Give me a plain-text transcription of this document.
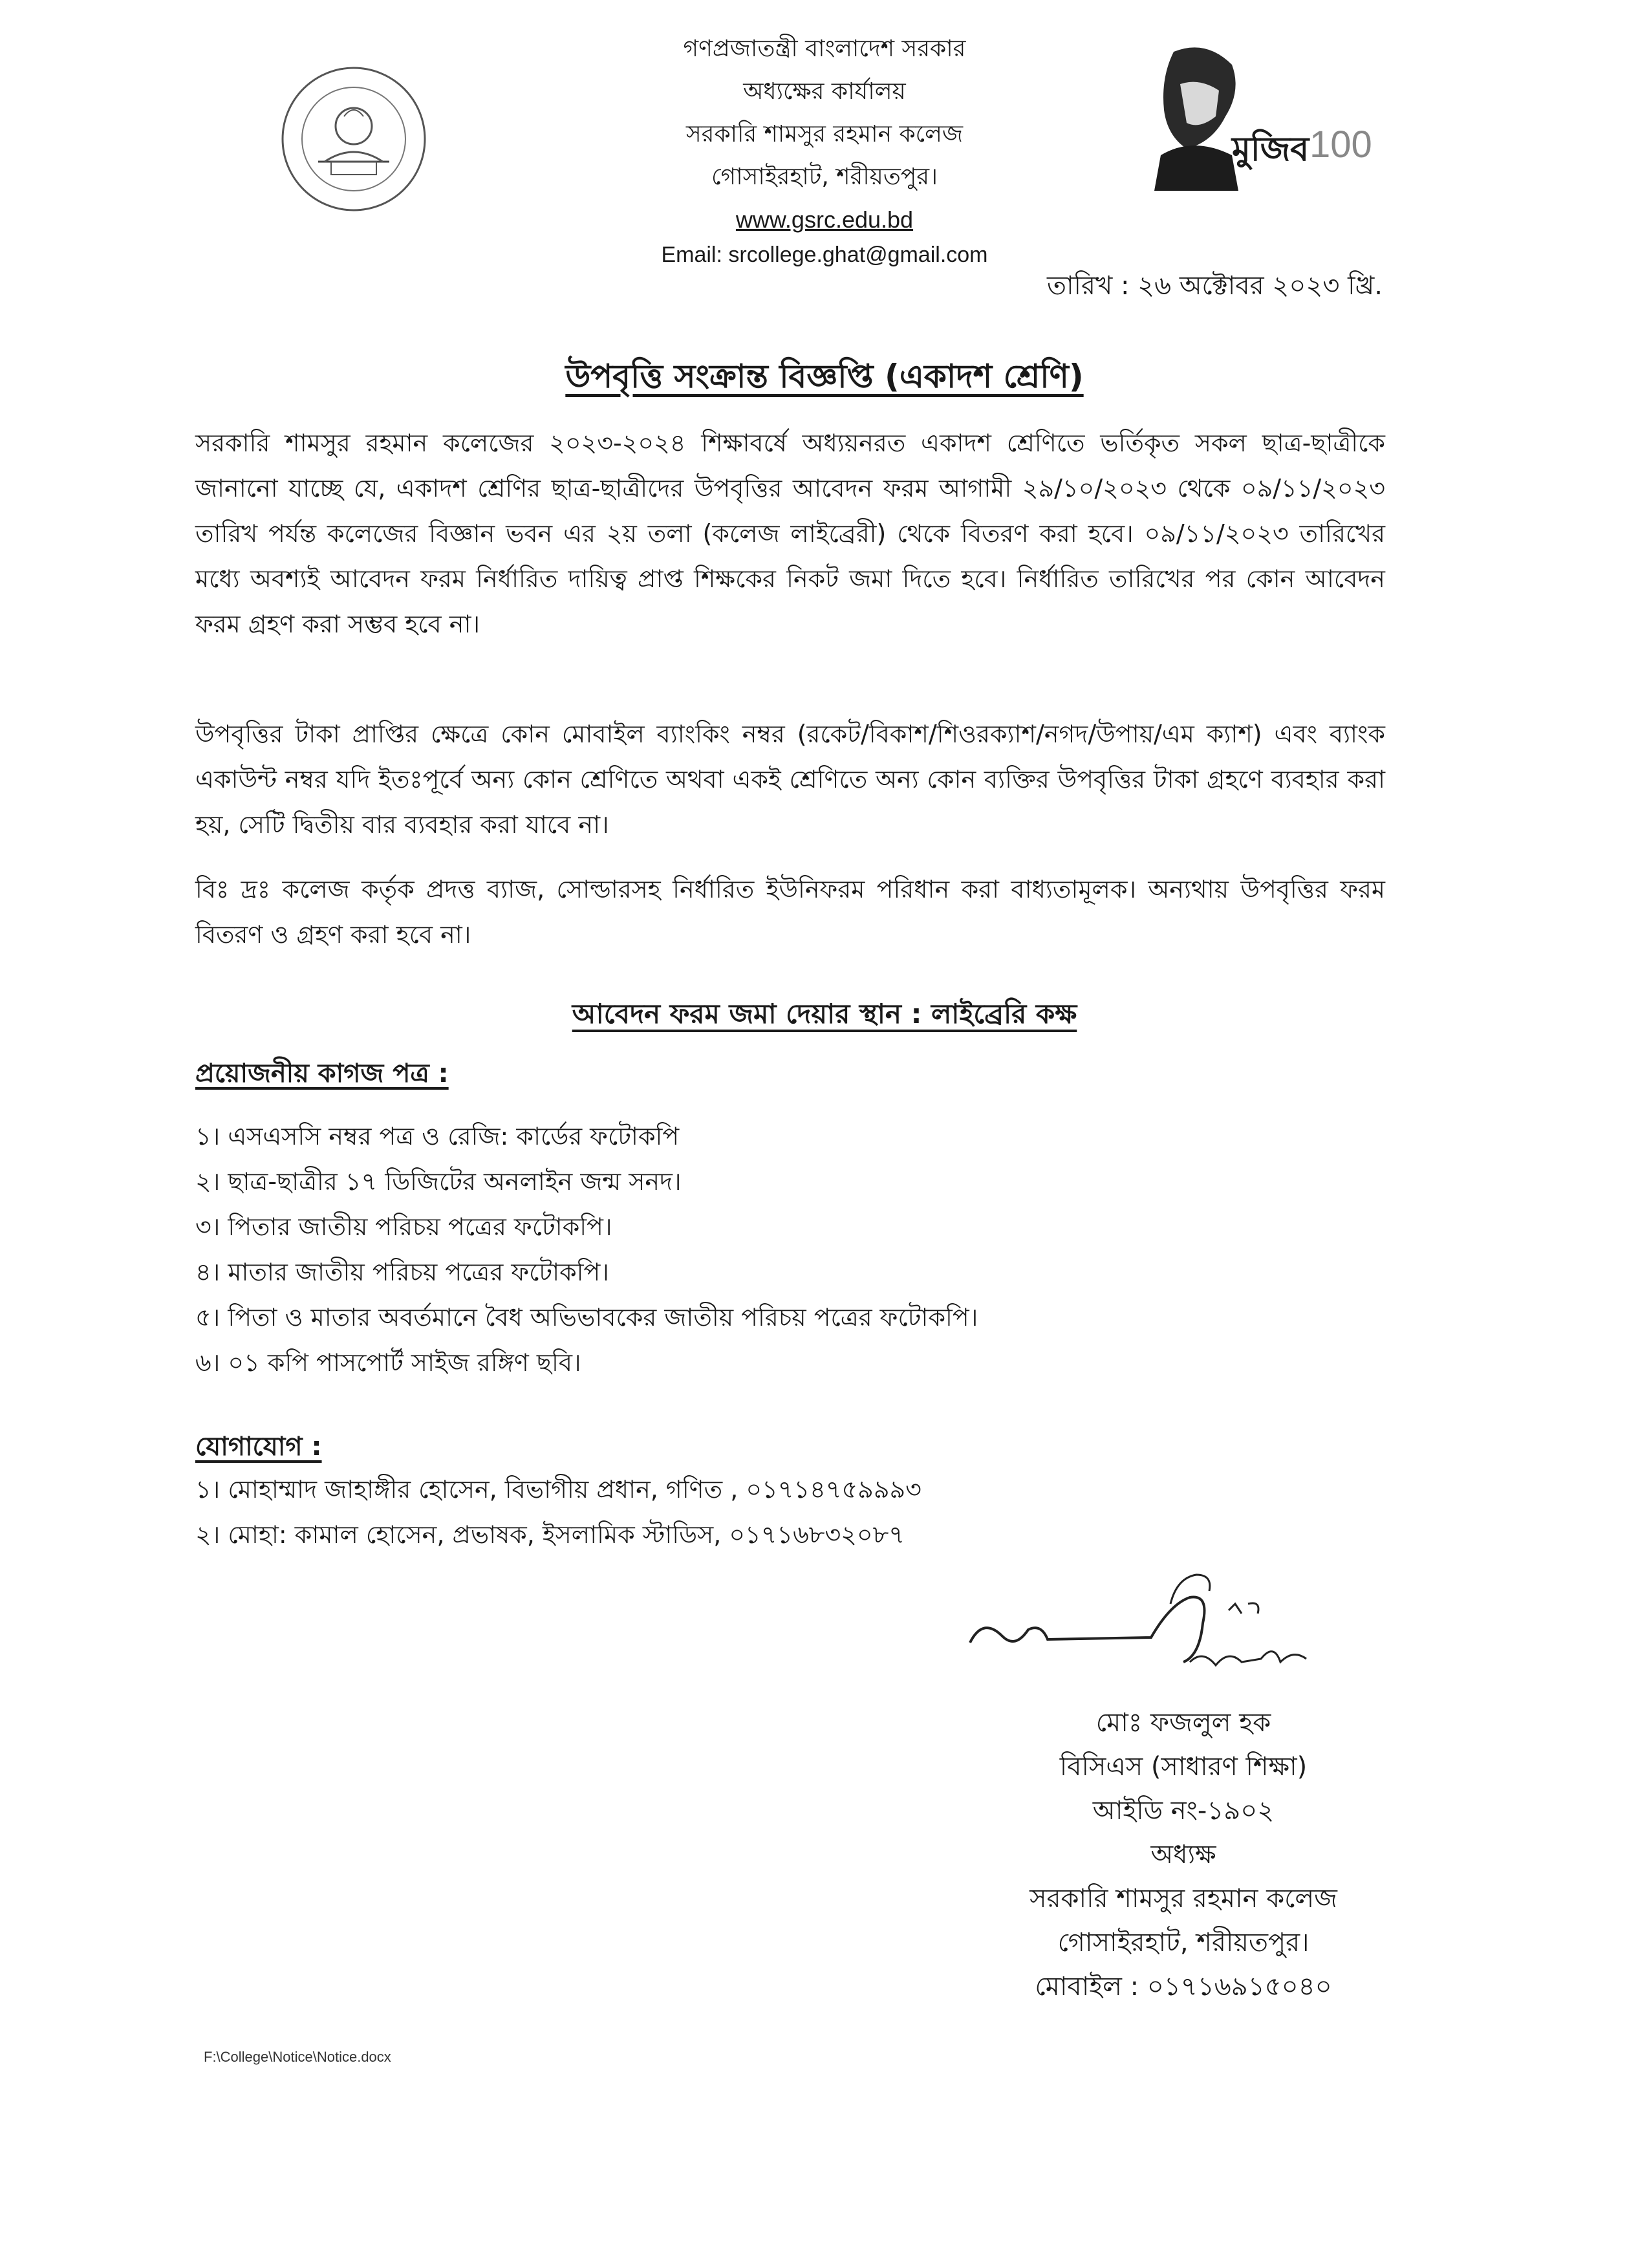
গণপ্রজাতন্ত্রী বাংলাদেশ সরকার
অধ্যক্ষের কার্যালয়
সরকারি শামসুর রহমান কলেজ
গোসাইরহাট, শরীয়তপুর।
www.gsrc.edu.bd
Email: srcollege.ghat@gmail.com
মুজিব 100
তারিখ : ২৬ অক্টোবর ২০২৩ খ্রি.
উপবৃত্তি সংক্রান্ত বিজ্ঞপ্তি (একাদশ শ্রেণি)
সরকারি শামসুর রহমান কলেজের ২০২৩-২০২৪ শিক্ষাবর্ষে অধ্যয়নরত একাদশ শ্রেণিতে ভর্তিকৃত সকল ছাত্র-ছাত্রীকে জানানো যাচ্ছে যে, একাদশ শ্রেণির ছাত্র-ছাত্রীদের উপবৃত্তির আবেদন ফরম আগামী ২৯/১০/২০২৩ থেকে ০৯/১১/২০২৩ তারিখ পর্যন্ত কলেজের বিজ্ঞান ভবন এর ২য় তলা (কলেজ লাইব্রেরী) থেকে বিতরণ করা হবে। ০৯/১১/২০২৩ তারিখের মধ্যে অবশ্যই আবেদন ফরম নির্ধারিত দায়িত্ব প্রাপ্ত শিক্ষকের নিকট জমা দিতে হবে। নির্ধারিত তারিখের পর কোন আবেদন ফরম গ্রহণ করা সম্ভব হবে না।
উপবৃত্তির টাকা প্রাপ্তির ক্ষেত্রে কোন মোবাইল ব্যাংকিং নম্বর (রকেট/বিকাশ/শিওরক্যাশ/নগদ/উপায়/এম ক্যাশ) এবং ব্যাংক একাউন্ট নম্বর যদি ইতঃপূর্বে অন্য কোন শ্রেণিতে অথবা একই শ্রেণিতে অন্য কোন ব্যক্তির উপবৃত্তির টাকা গ্রহণে ব্যবহার করা হয়, সেটি দ্বিতীয় বার ব্যবহার করা যাবে না।
বিঃ দ্রঃ কলেজ কর্তৃক প্রদত্ত ব্যাজ, সোল্ডারসহ নির্ধারিত ইউনিফরম পরিধান করা বাধ্যতামূলক। অন্যথায় উপবৃত্তির ফরম বিতরণ ও গ্রহণ করা হবে না।
আবেদন ফরম জমা দেয়ার স্থান : লাইব্রেরি কক্ষ
প্রয়োজনীয় কাগজ পত্র :
১। এসএসসি নম্বর পত্র ও রেজি: কার্ডের ফটোকপি
২। ছাত্র-ছাত্রীর ১৭ ডিজিটের অনলাইন জন্ম সনদ।
৩। পিতার জাতীয় পরিচয় পত্রের ফটোকপি।
৪। মাতার জাতীয় পরিচয় পত্রের ফটোকপি।
৫। পিতা ও মাতার অবর্তমানে বৈধ অভিভাবকের জাতীয় পরিচয় পত্রের ফটোকপি।
৬। ০১ কপি পাসপোর্ট সাইজ রঙ্গিণ ছবি।
যোগাযোগ :
১। মোহাম্মাদ জাহাঙ্গীর হোসেন, বিভাগীয় প্রধান, গণিত , ০১৭১৪৭৫৯৯৯৩
২। মোহা: কামাল হোসেন, প্রভাষক, ইসলামিক স্টাডিস, ০১৭১৬৮৩২০৮৭
মোঃ ফজলুল হক
বিসিএস (সাধারণ শিক্ষা)
আইডি নং-১৯০২
অধ্যক্ষ
সরকারি শামসুর রহমান কলেজ
গোসাইরহাট, শরীয়তপুর।
মোবাইল : ০১৭১৬৯১৫০৪০
F:\College\Notice\Notice.docx
